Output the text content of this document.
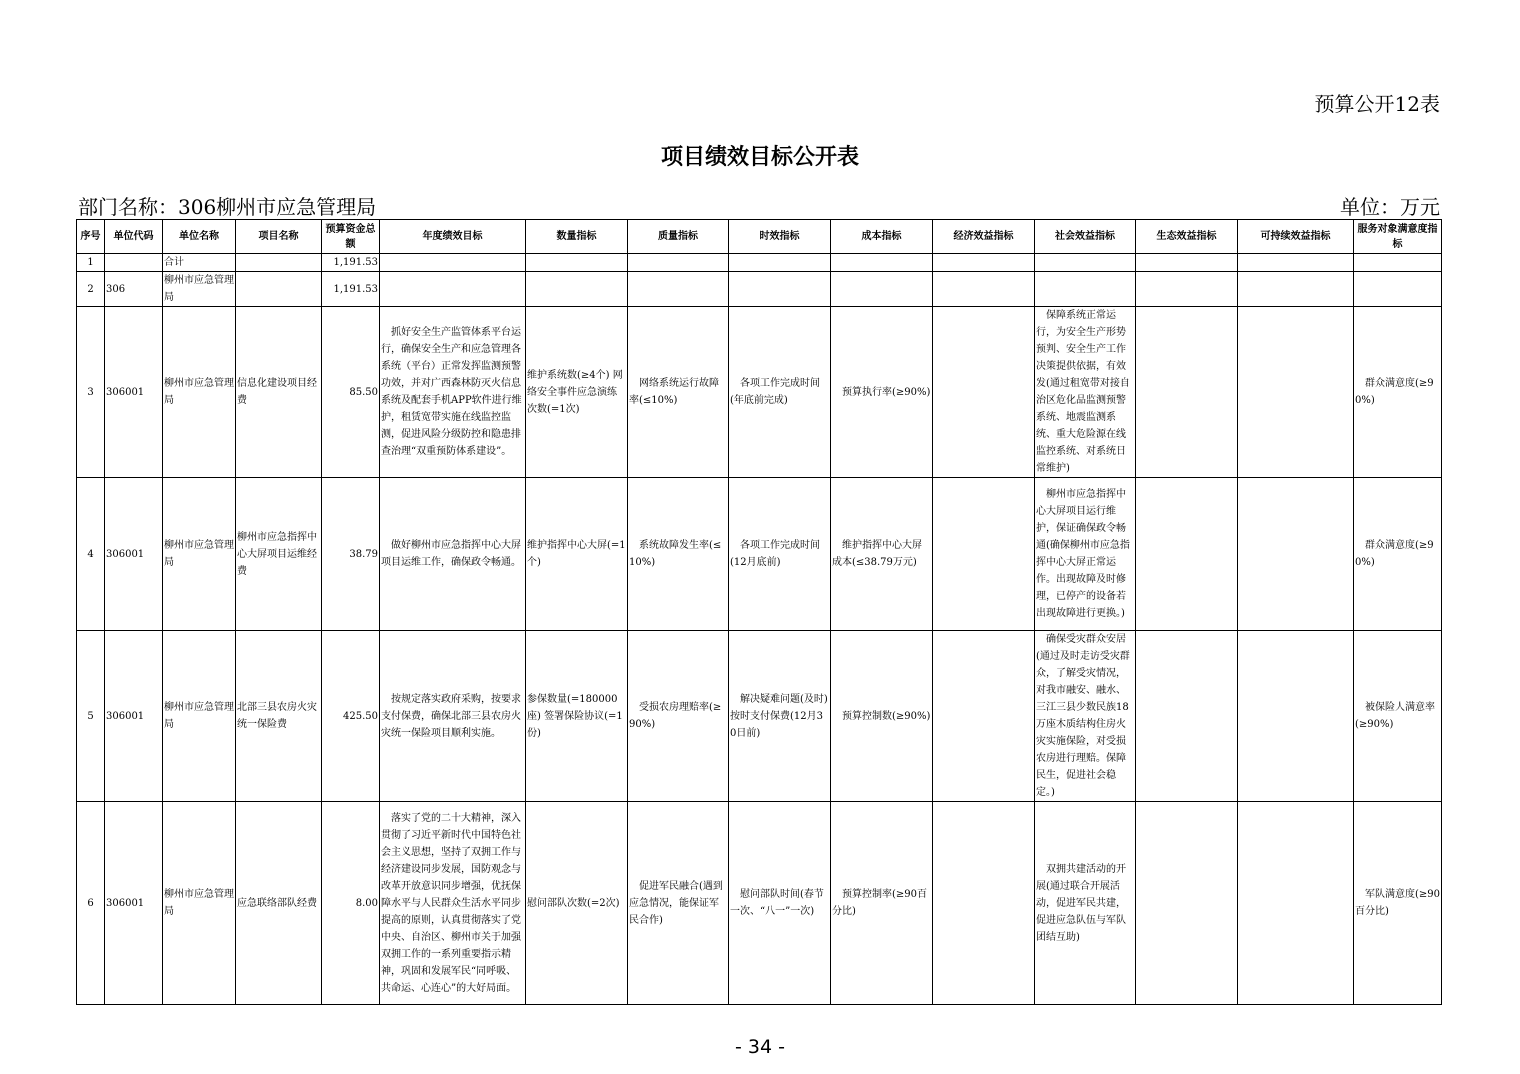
预算公开12表
项目绩效目标公开表
部门名称：306柳州市应急管理局	单位：万元
序号	单位代码	单位名称	项目名称	预算资金总额	年度绩效目标	数量指标	质量指标	时效指标	成本指标	经济效益指标	社会效益指标	生态效益指标	可持续效益指标	服务对象满意度指标
1		合计		1,191.53										
2	306	柳州市应急管理局		1,191.53										
3	306001	柳州市应急管理局	信息化建设项目经费	85.50	抓好安全生产监管体系平台运行，确保安全生产和应急管理各系统（平台）正常发挥监测预警功效，并对广西森林防灭火信息系统及配套手机APP软件进行维护，租赁宽带实施在线监控监测，促进风险分级防控和隐患排查治理“双重预防体系建设”。	维护系统数(≥4个) 网络安全事件应急演练次数(=1次)	网络系统运行故障率(≤10%)	各项工作完成时间(年底前完成)	预算执行率(≥90%)		保障系统正常运行，为安全生产形势预判、安全生产工作决策提供依据，有效发(通过租宽带对接自治区危化品监测预警系统、地震监测系统、重大危险源在线监控系统、对系统日常维护)			群众满意度(≥90%)
4	306001	柳州市应急管理局	柳州市应急指挥中心大屏项目运维经费	38.79	做好柳州市应急指挥中心大屏项目运维工作，确保政令畅通。	维护指挥中心大屏(=1个)	系统故障发生率(≤10%)	各项工作完成时间(12月底前)	维护指挥中心大屏成本(≤38.79万元)		柳州市应急指挥中心大屏项目运行维护，保证确保政令畅通(确保柳州市应急指挥中心大屏正常运作。出现故障及时修理，已停产的设备若出现故障进行更换。)			群众满意度(≥90%)
5	306001	柳州市应急管理局	北部三县农房火灾统一保险费	425.50	按规定落实政府采购，按要求支付保费，确保北部三县农房火灾统一保险项目顺利实施。	参保数量(=180000座) 签署保险协议(=1份)	受损农房理赔率(≥90%)	解决疑难问题(及时) 按时支付保费(12月30日前)	预算控制数(≥90%)		确保受灾群众安居(通过及时走访受灾群众，了解受灾情况，对我市融安、融水、三江三县少数民族18万座木质结构住房火灾实施保险，对受损农房进行理赔。保障民生，促进社会稳定。)			被保险人满意率(≥90%)
6	306001	柳州市应急管理局	应急联络部队经费	8.00	落实了党的二十大精神，深入贯彻了习近平新时代中国特色社会主义思想，坚持了双拥工作与经济建设同步发展，国防观念与改革开放意识同步增强，优抚保障水平与人民群众生活水平同步提高的原则，认真贯彻落实了党中央、自治区、柳州市关于加强双拥工作的一系列重要指示精神，巩固和发展军民“同呼吸、共命运、心连心”的大好局面。	慰问部队次数(=2次)	促进军民融合(遇到应急情况，能保证军民合作)	慰问部队时间(春节一次、“八一”一次)	预算控制率(≥90百分比)		双拥共建活动的开展(通过联合开展活动，促进军民共建，促进应急队伍与军队团结互助)			军队满意度(≥90百分比)
- 34 -
